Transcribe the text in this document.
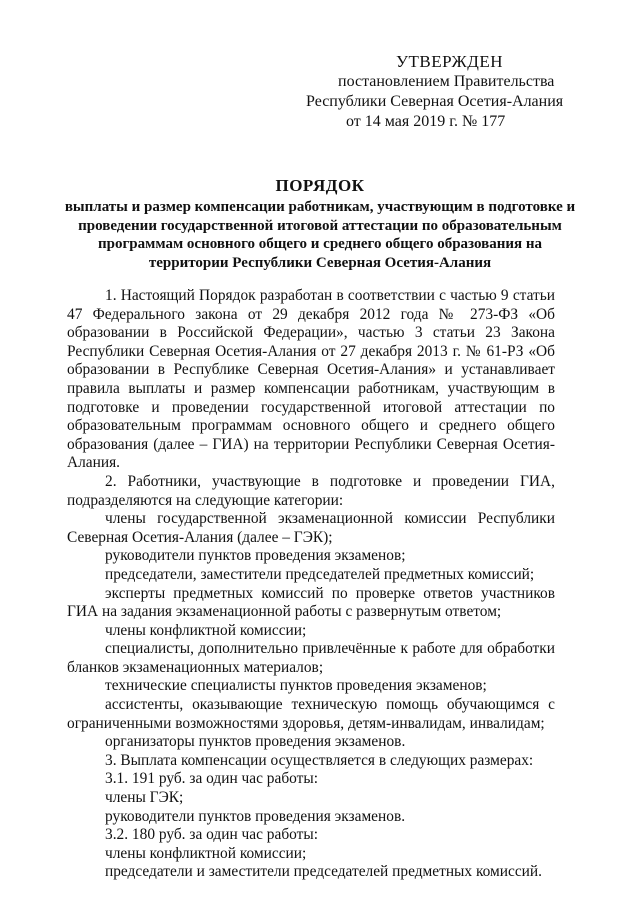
УТВЕРЖДЕН
постановлением Правительства
Республики Северная Осетия-Алания
от 14 мая 2019 г. № 177
ПОРЯДОК
выплаты и размер компенсации работникам, участвующим в подготовке и проведении государственной итоговой аттестации по образовательным программам основного общего и среднего общего образования на территории Республики Северная Осетия-Алания

1. Настоящий Порядок разработан в соответствии с частью 9 статьи 47 Федерального закона от 29 декабря 2012 года № 273-ФЗ «Об образовании в Российской Федерации», частью 3 статьи 23 Закона Республики Северная Осетия-Алания от 27 декабря 2013 г. № 61-РЗ «Об образовании в Республике Северная Осетия-Алания» и устанавливает правила выплаты и размер компенсации работникам, участвующим в подготовке и проведении государственной итоговой аттестации по образовательным программам основного общего и среднего общего образования (далее – ГИА) на территории Республики Северная Осетия-Алания.

2. Работники, участвующие в подготовке и проведении ГИА, подразделяются на следующие категории:

члены государственной экзаменационной комиссии Республики Северная Осетия-Алания (далее – ГЭК);

руководители пунктов проведения экзаменов;

председатели, заместители председателей предметных комиссий;

эксперты предметных комиссий по проверке ответов участников ГИА на задания экзаменационной работы с развернутым ответом;

члены конфликтной комиссии;

специалисты, дополнительно привлечённые к работе для обработки бланков экзаменационных материалов;

технические специалисты пунктов проведения экзаменов;

ассистенты, оказывающие техническую помощь обучающимся с ограниченными возможностями здоровья, детям-инвалидам, инвалидам;

организаторы пунктов проведения экзаменов.

3. Выплата компенсации осуществляется в следующих размерах:

3.1. 191 руб. за один час работы:

члены ГЭК;

руководители пунктов проведения экзаменов.

3.2. 180 руб. за один час работы:

члены конфликтной комиссии;

председатели и заместители председателей предметных комиссий.
